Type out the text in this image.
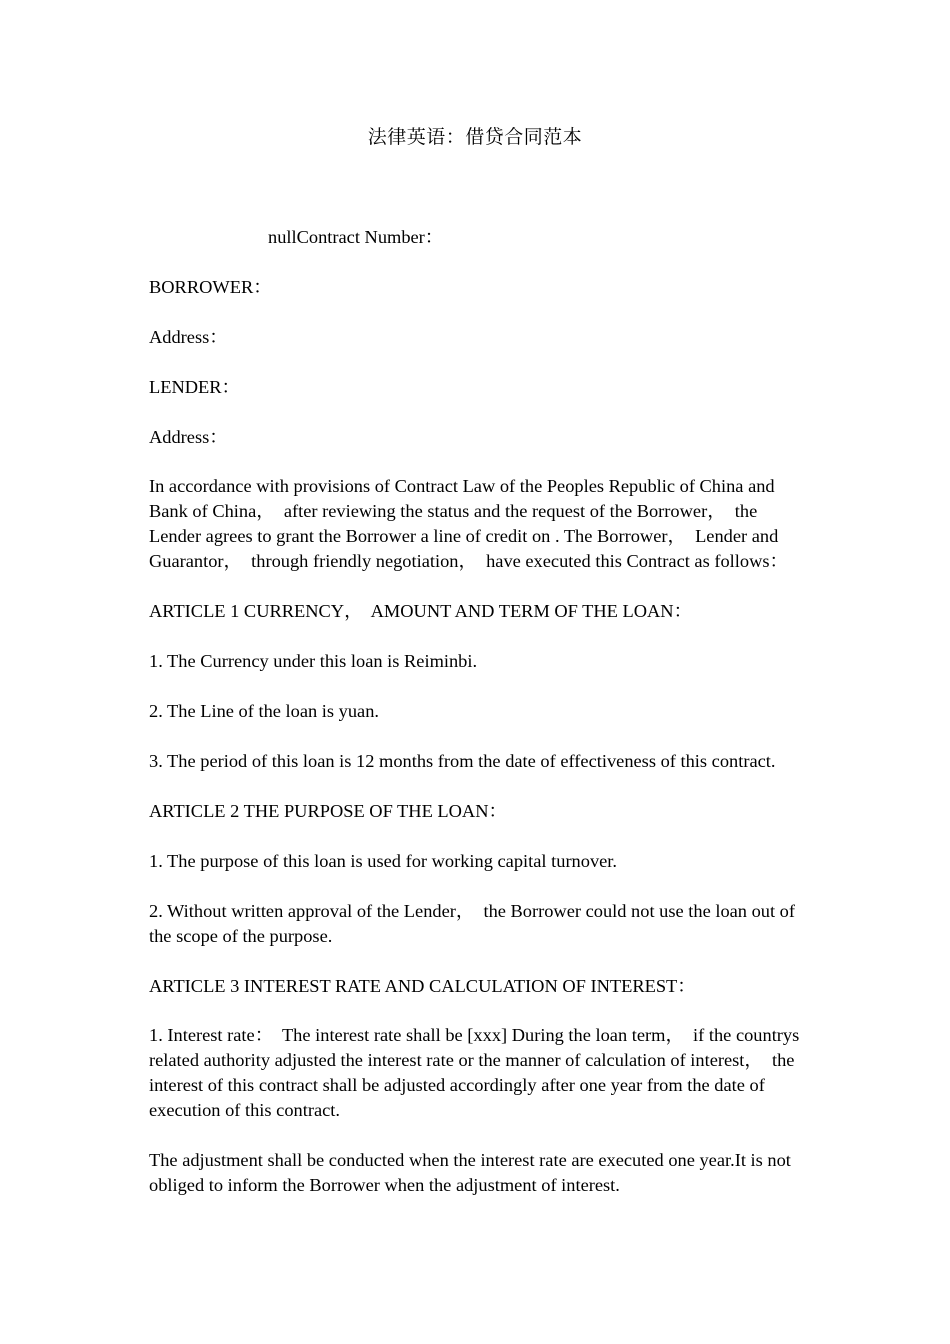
法律英语：借贷合同范本

nullContract Number：

BORROWER：

Address：

LENDER：

Address：

In accordance with provisions of Contract Law of the Peoples Republic of China and Bank of China，  after reviewing the status and the request of the Borrower，  the Lender agrees to grant the Borrower a line of credit on . The Borrower，  Lender and Guarantor，  through friendly negotiation，  have executed this Contract as follows：

ARTICLE 1 CURRENCY，  AMOUNT AND TERM OF THE LOAN：

1. The Currency under this loan is Reiminbi.

2. The Line of the loan is yuan.

3. The period of this loan is 12 months from the date of effectiveness of this contract.

ARTICLE 2 THE PURPOSE OF THE LOAN：

1. The purpose of this loan is used for working capital turnover.

2. Without written approval of the Lender，  the Borrower could not use the loan out of the scope of the purpose.

ARTICLE 3 INTEREST RATE AND CALCULATION OF INTEREST：

1. Interest rate：  The interest rate shall be [xxx] During the loan term，  if the countrys related authority adjusted the interest rate or the manner of calculation of interest，  the interest of this contract shall be adjusted accordingly after one year from the date of execution of this contract.

The adjustment shall be conducted when the interest rate are executed one year.It is not obliged to inform the Borrower when the adjustment of interest.
